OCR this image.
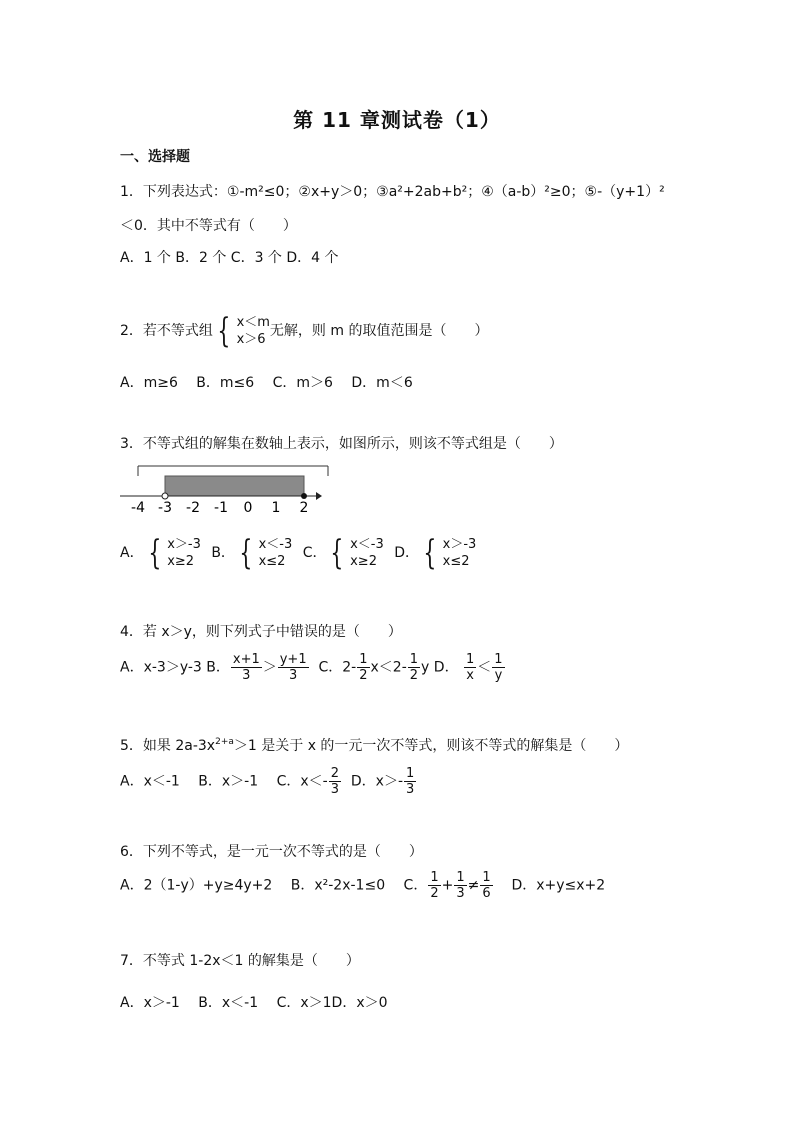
第 11 章测试卷（1）
一、选择题
1．下列表达式：①-m²≤0；②x+y＞0；③a²+2ab+b²；④（a-b）²≥0；⑤-（y+1）²
＜0．其中不等式有（　　）
A．1 个 B．2 个 C．3 个 D．4 个
2．若不等式组 { x＜m
x＞6
无解，则 m 的取值范围是（　　）
A．m≥6　 B．m≤6　 C．m＞6　 D．m＜6
3．不等式组的解集在数轴上表示，如图所示，则该不等式组是（　　）
-4 -3 -2 -1 0 1 2
A． { x＞-3
x≥2
B． { x＜-3
x≤2
C． { x＜-3
x≥2
D． { x＞-3
x≤2
4．若 x＞y，则下列式子中错误的是（　　）
A．x-3＞y-3 B． $\frac{x+1}{3} > \frac{y+1}{3}$ C．$2- \frac{1}{2} x<2- \frac{1}{2}$ y D． $\frac{1}{x} < \frac{1}{y}$
5．如果 $2a-3x^{2+a}>1$ 是关于 x 的一元一次不等式，则该不等式的解集是（　　）
A．x＜-1　 B．x＞-1　 C．$x<- \frac{2}{3}$ D．$x>- \frac{1}{3}$
6．下列不等式，是一元一次不等式的是（　　）
A．2（1-y）+y≥4y+2　 B．x²-2x-1≤0　 C． $\frac{1}{2} + \frac{1}{3} \ne \frac{1}{6}$ D．x+y≤x+2
7．不等式 1-2x＜1 的解集是（　　）
A．x＞-1　 B．x＜-1　 C．x＞1D．x＞0
